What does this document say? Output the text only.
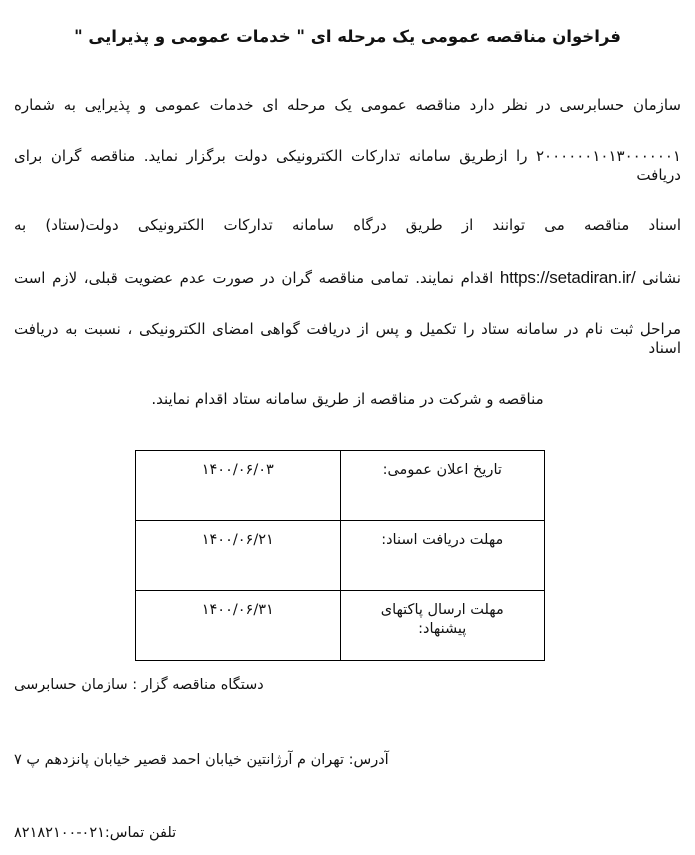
فراخوان مناقصه عمومی یک مرحله ای " خدمات عمومی و پذیرایی "

سازمان حسابرسی در نظر دارد مناقصه عمومی یک مرحله ای خدمات عمومی و پذیرایی به شماره

۲۰۰۰۰۰۰۱۰۱۳۰۰۰۰۰۰۱ را ازطریق سامانه تدارکات الکترونیکی دولت برگزار نماید. مناقصه گران برای دریافت

اسناد مناقصه می توانند از طریق درگاه سامانه تدارکات الکترونیکی دولت(ستاد) به

نشانی https://setadiran.ir/ اقدام نمایند. تمامی مناقصه گران در صورت عدم عضویت قبلی، لازم است

مراحل ثبت نام در سامانه ستاد را تکمیل و پس از دریافت گواهی امضای الکترونیکی ، نسبت به دریافت اسناد

مناقصه و شرکت در مناقصه از طریق سامانه ستاد اقدام نمایند.

تاریخ اعلان عمومی:	۱۴۰۰/۰۶/۰۳
مهلت دریافت اسناد:	۱۴۰۰/۰۶/۲۱
مهلت ارسال پاکتهای پیشنهاد:	۱۴۰۰/۰۶/۳۱

دستگاه مناقصه گزار : سازمان حسابرسی

آدرس: تهران م آرژانتین خیابان احمد قصیر خیابان پانزدهم پ ۷

تلفن تماس:۰۲۱-۸۲۱۸۲۱۰۰
